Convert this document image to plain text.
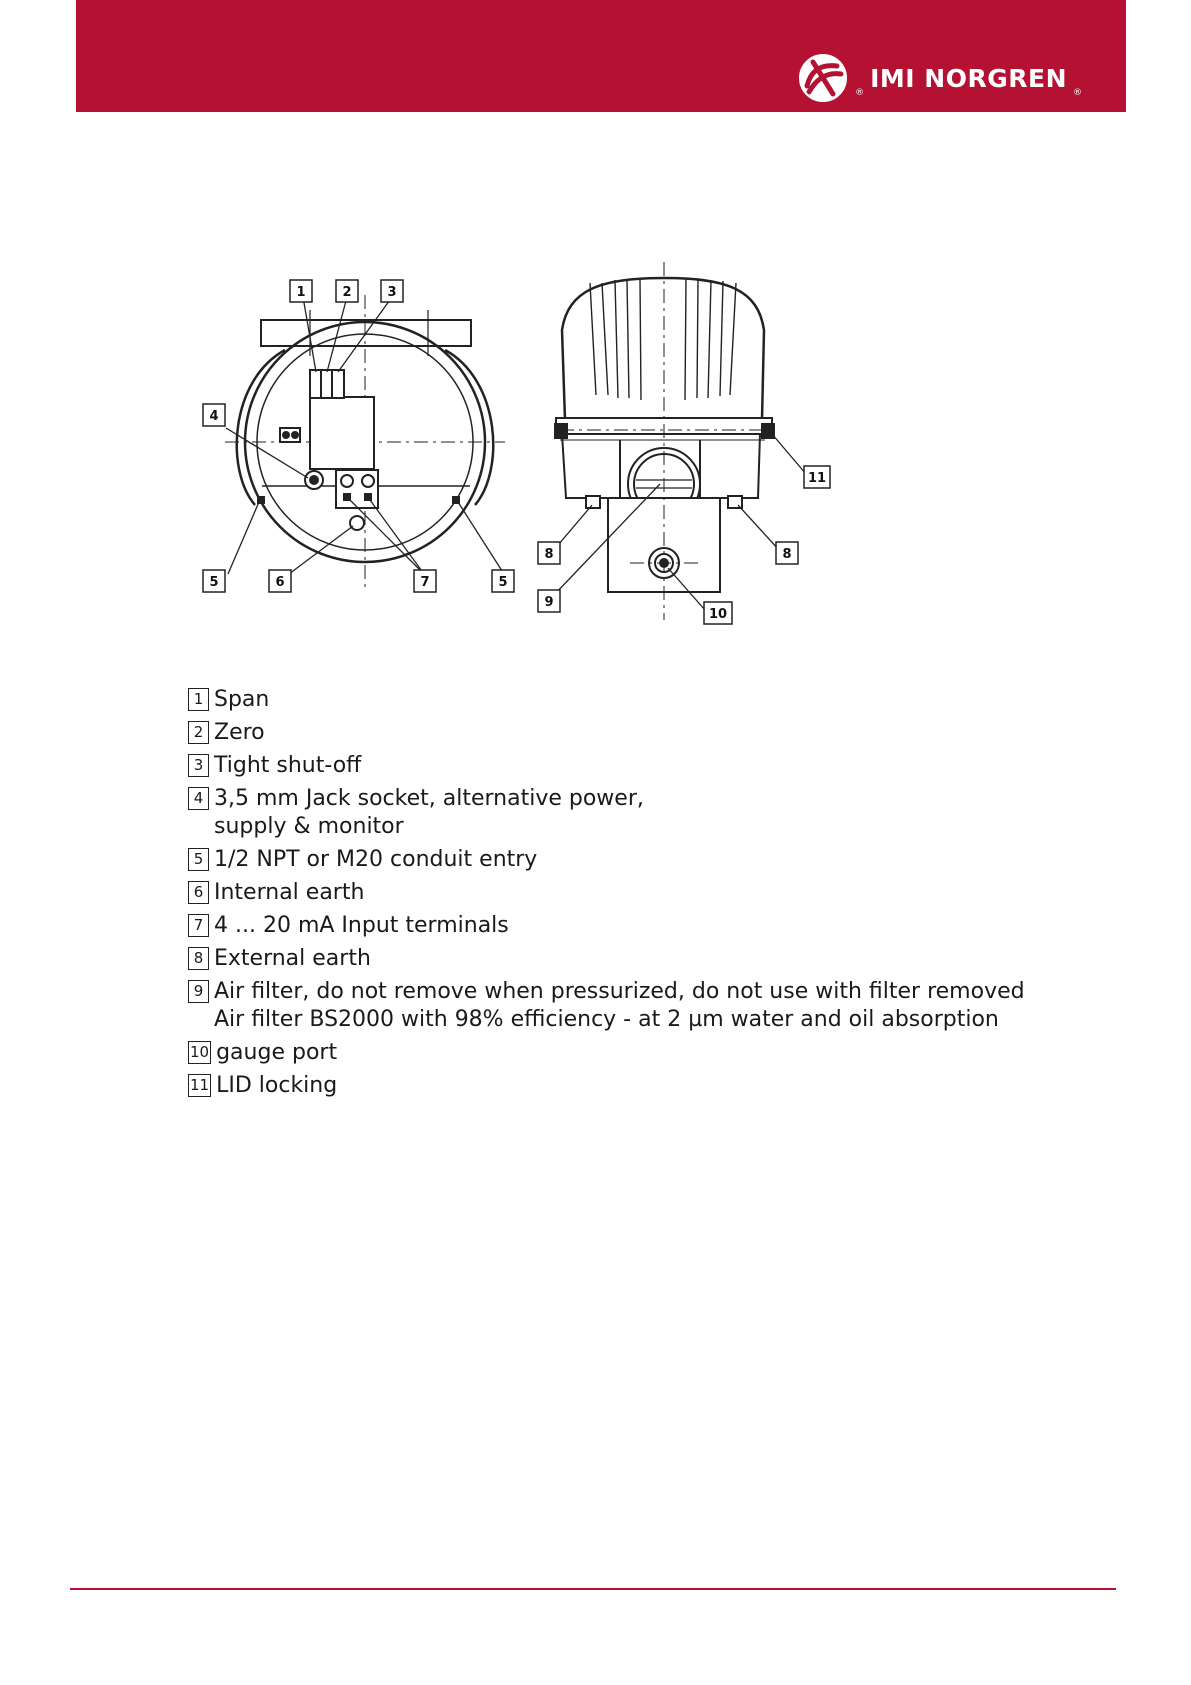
®
IMI NORGREN
®
1	2	3
4
5	6	7	5
11
8	8
9
10
1 Span
2 Zero
3 Tight shut-off
4 3,5 mm Jack socket, alternative power,
supply & monitor
5 1/2 NPT or M20 conduit entry
6 Internal earth
7 4 ... 20 mA Input terminals
8 External earth
9 Air filter, do not remove when pressurized, do not use with filter removed
Air filter BS2000 with 98% efficiency - at 2 µm water and oil absorption
10 gauge port
11 LID locking
